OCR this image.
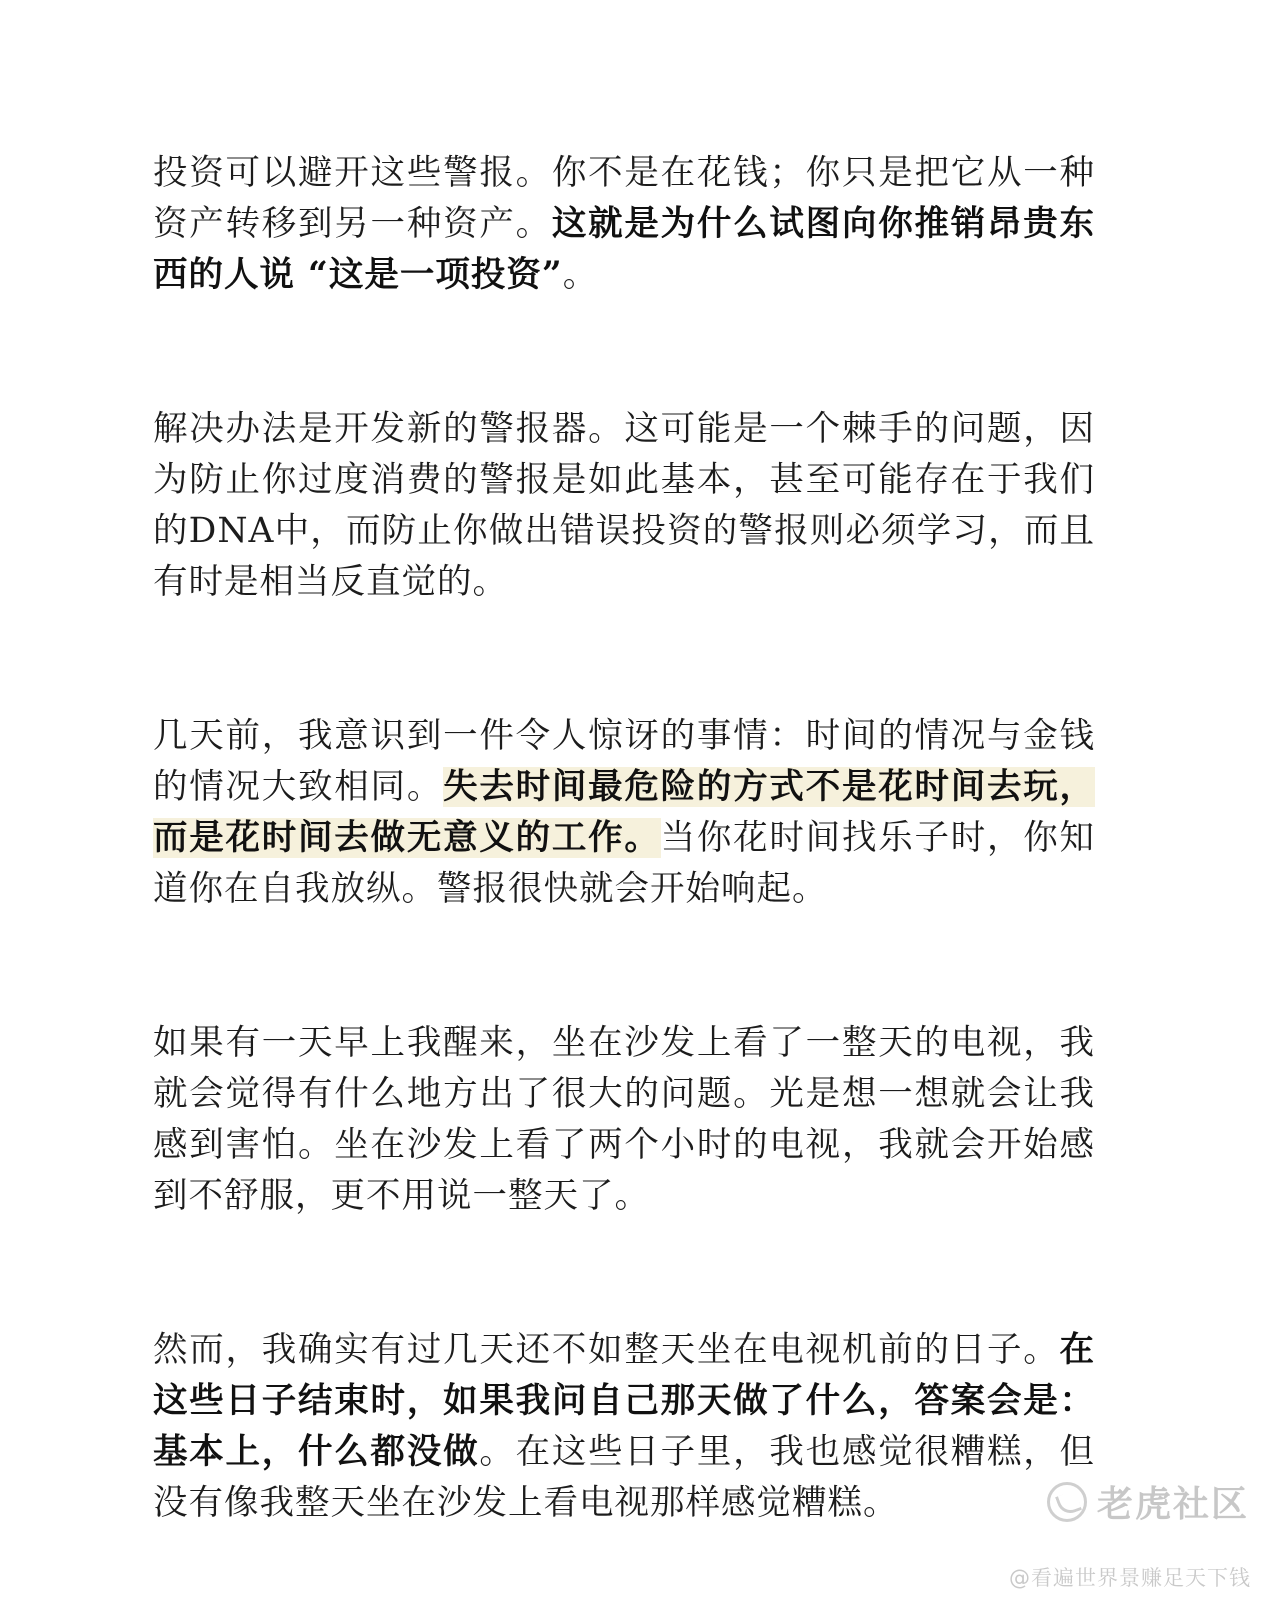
投资可以避开这些警报。你不是在花钱；你只是把它从一种资产转移到另一种资产。这就是为什么试图向你推销昂贵东西的人说 “这是一项投资”。

解决办法是开发新的警报器。这可能是一个棘手的问题，因为防止你过度消费的警报是如此基本，甚至可能存在于我们的DNA中，而防止你做出错误投资的警报则必须学习，而且有时是相当反直觉的。

几天前，我意识到一件令人惊讶的事情：时间的情况与金钱的情况大致相同。失去时间最危险的方式不是花时间去玩，而是花时间去做无意义的工作。当你花时间找乐子时，你知道你在自我放纵。警报很快就会开始响起。

如果有一天早上我醒来，坐在沙发上看了一整天的电视，我就会觉得有什么地方出了很大的问题。光是想一想就会让我感到害怕。坐在沙发上看了两个小时的电视，我就会开始感到不舒服，更不用说一整天了。

然而，我确实有过几天还不如整天坐在电视机前的日子。在这些日子结束时，如果我问自己那天做了什么，答案会是：基本上，什么都没做。在这些日子里，我也感觉很糟糕，但没有像我整天坐在沙发上看电视那样感觉糟糕。	老虎社区
@看遍世界景赚足天下钱
